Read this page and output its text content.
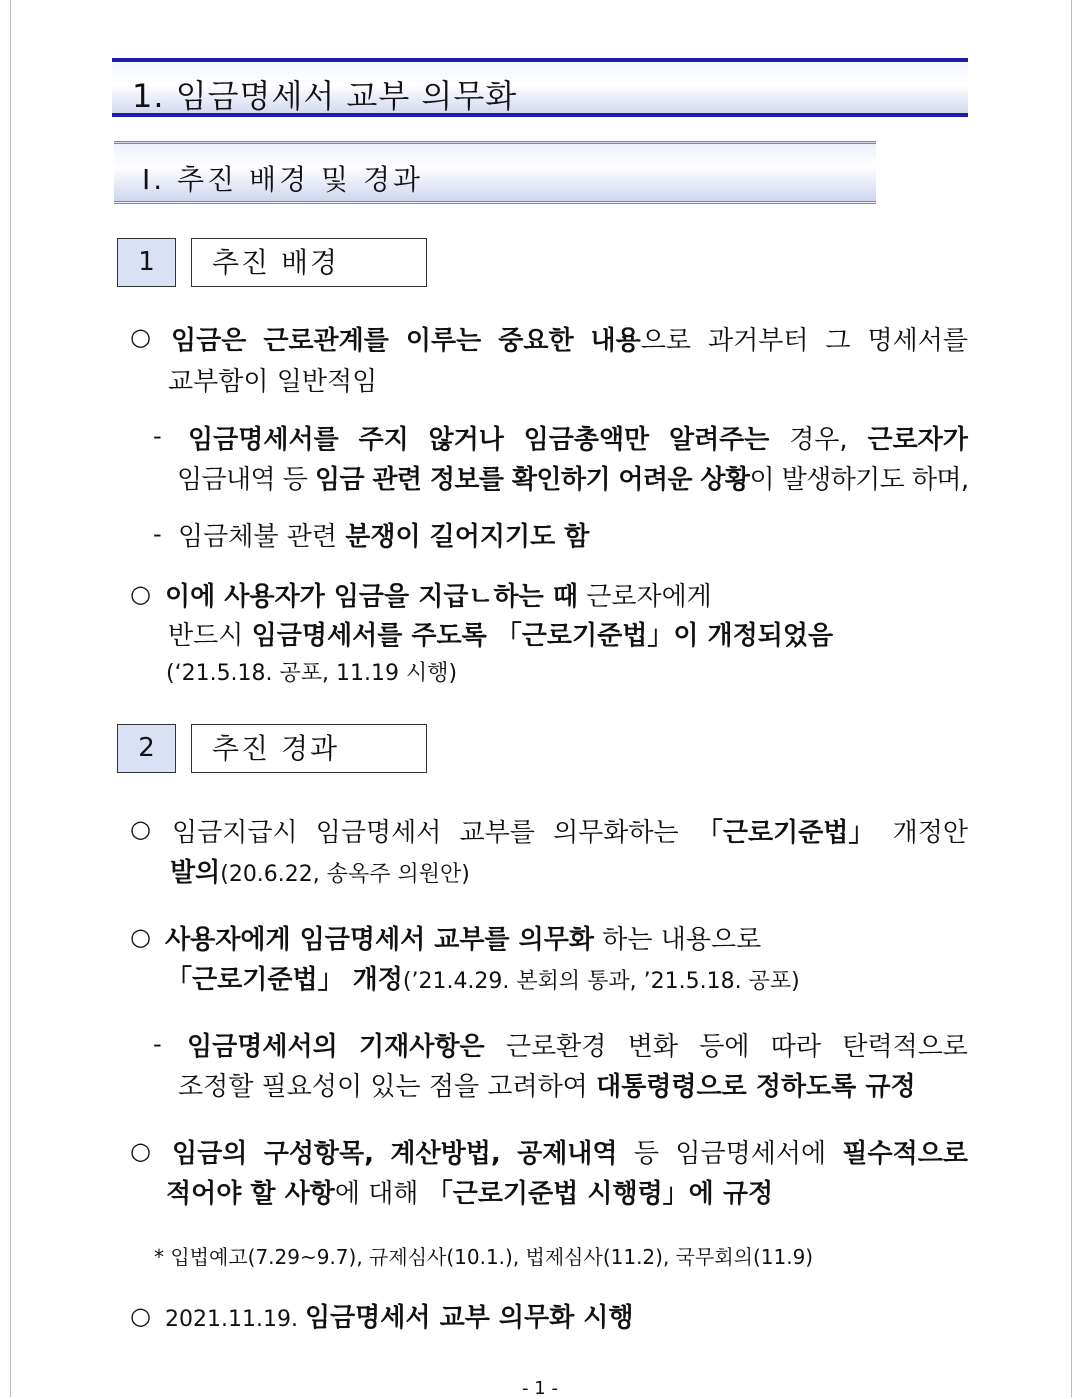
1. 임금명세서 교부 의무화
Ⅰ. 추진 배경 및 경과
1	추진 배경
○ 임금은 근로관계를 이루는 중요한 내용으로 과거부터 그 명세서를
교부함이 일반적임
- 임금명세서를 주지 않거나 임금총액만 알려주는 경우, 근로자가
임금내역 등 임금 관련 정보를 확인하기 어려운 상황이 발생하기도 하며,
- 임금체불 관련 분쟁이 길어지기도 함
○ 이에 사용자가 임금을 지급ㄴ하는 때 근로자에게
반드시 임금명세서를 주도록 「근로기준법」이 개정되었음
(‘21.5.18. 공포, 11.19 시행)
2	추진 경과
○ 임금지급시 임금명세서 교부를 의무화하는 「근로기준법」 개정안
발의(20.6.22, 송옥주 의원안)
○ 사용자에게 임금명세서 교부를 의무화 하는 내용으로
「근로기준법」 개정(’21.4.29. 본회의 통과, ’21.5.18. 공포)
- 임금명세서의 기재사항은 근로환경 변화 등에 따라 탄력적으로
조정할 필요성이 있는 점을 고려하여 대통령령으로 정하도록 규정
○ 임금의 구성항목, 계산방법, 공제내역 등 임금명세서에 필수적으로
적어야 할 사항에 대해 「근로기준법 시행령」에 규정
* 입법예고(7.29~9.7), 규제심사(10.1.), 법제심사(11.2), 국무회의(11.9)
○ 2021.11.19. 임금명세서 교부 의무화 시행
- 1 -
